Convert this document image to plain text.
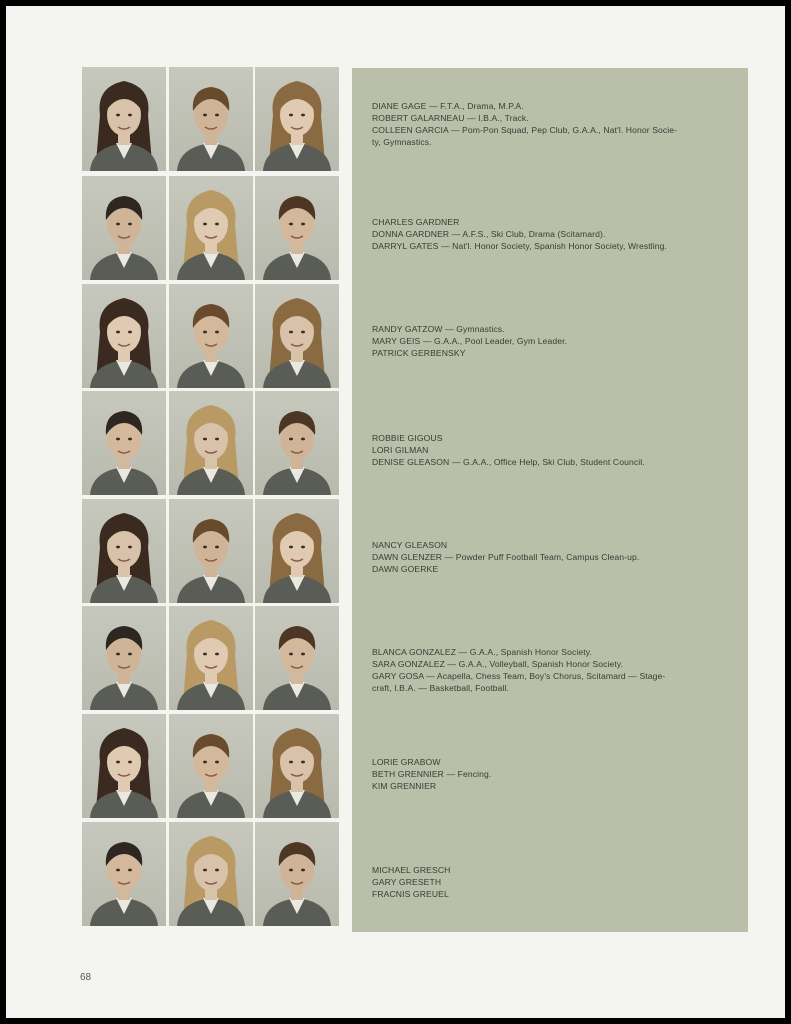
DIANE GAGE — F.T.A., Drama, M.P.A.
ROBERT GALARNEAU — I.B.A., Track.
COLLEEN GARCIA — Pom-Pon Squad, Pep Club, G.A.A., Nat'l. Honor Socie-
ty, Gymnastics.
CHARLES GARDNER
DONNA GARDNER — A.F.S., Ski Club, Drama (Scitamard).
DARRYL GATES — Nat'l. Honor Society, Spanish Honor Society, Wrestling.
RANDY GATZOW — Gymnastics.
MARY GEIS — G.A.A., Pool Leader, Gym Leader.
PATRICK GERBENSKY
ROBBIE GIGOUS
LORI GILMAN
DENISE GLEASON — G.A.A., Office Help, Ski Club, Student Council.
NANCY GLEASON
DAWN GLENZER — Powder Puff Football Team, Campus Clean-up.
DAWN GOERKE
BLANCA GONZALEZ — G.A.A., Spanish Honor Society.
SARA GONZALEZ — G.A.A., Volleyball, Spanish Honor Society.
GARY GOSA — Acapella, Chess Team, Boy's Chorus, Scitamard — Stage-
craft, I.B.A. — Basketball, Football.
LORIE GRABOW
BETH GRENNIER — Fencing.
KIM GRENNIER
MICHAEL GRESCH
GARY GRESETH
FRACNIS GREUEL
68
